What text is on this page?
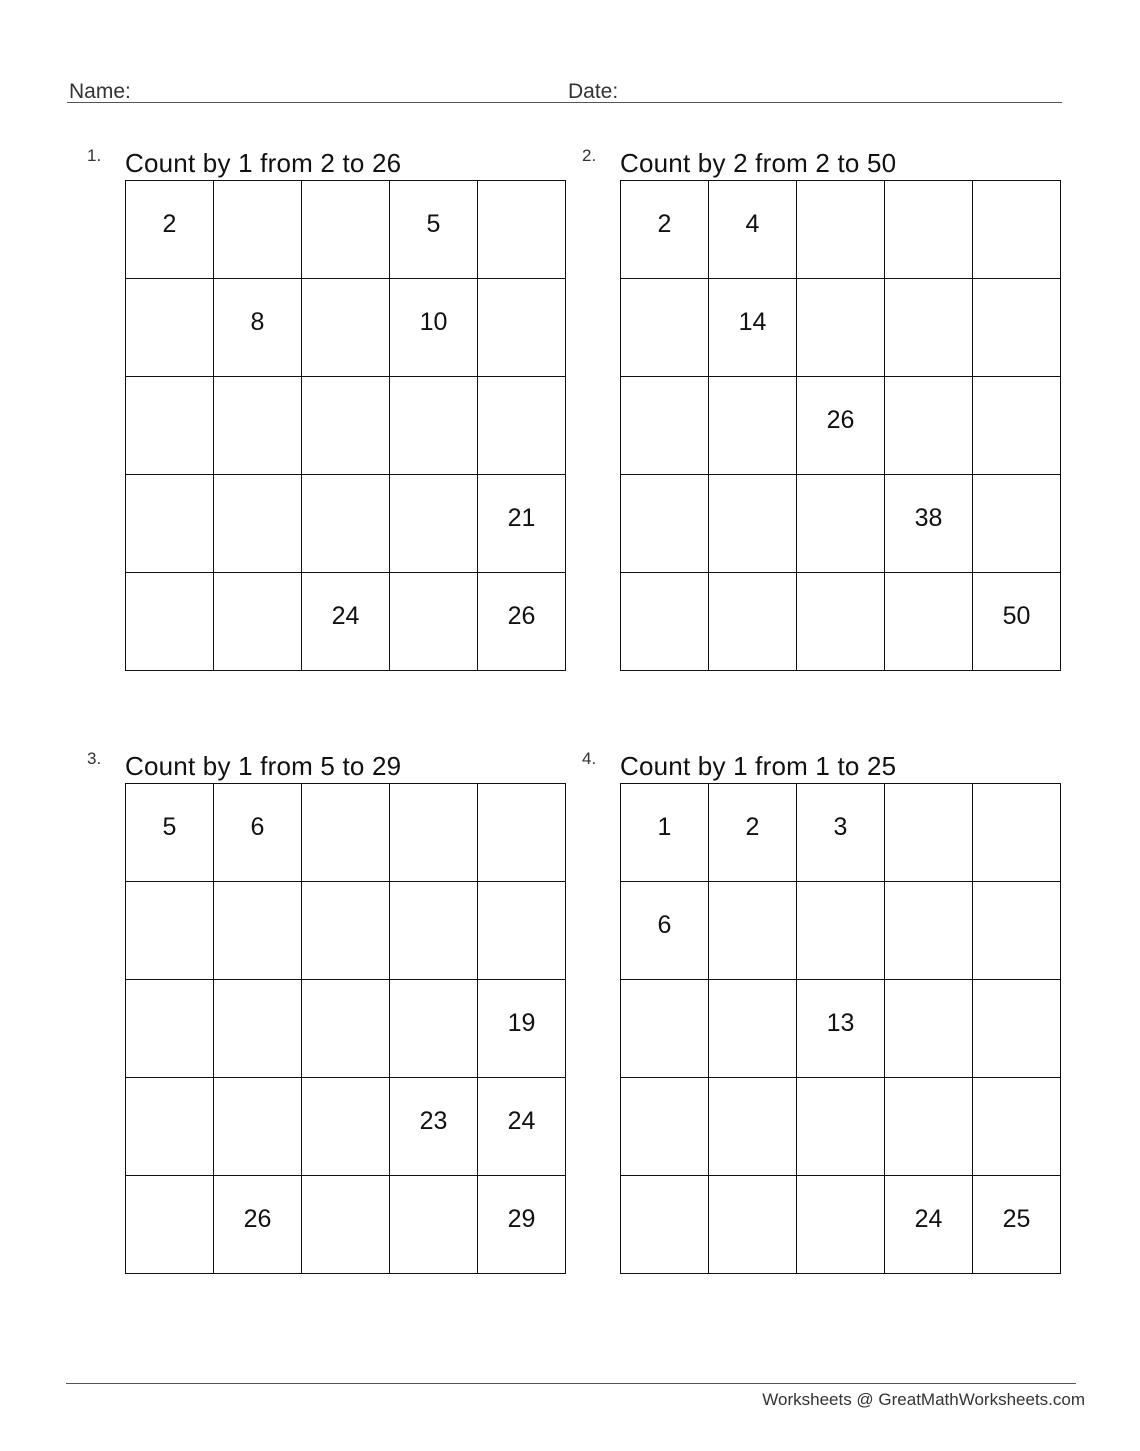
Name:	Date:
1. Count by 1 from 2 to 26
2			5	
	8		10	

				21
		24		26
2. Count by 2 from 2 to 50
2	4			
	14			
		26		
			38	
				50
3. Count by 1 from 5 to 29
5	6			

				19
			23	24
	26			29
4. Count by 1 from 1 to 25
1	2	3		
6				
		13		

			24	25
Worksheets @ GreatMathWorksheets.com
